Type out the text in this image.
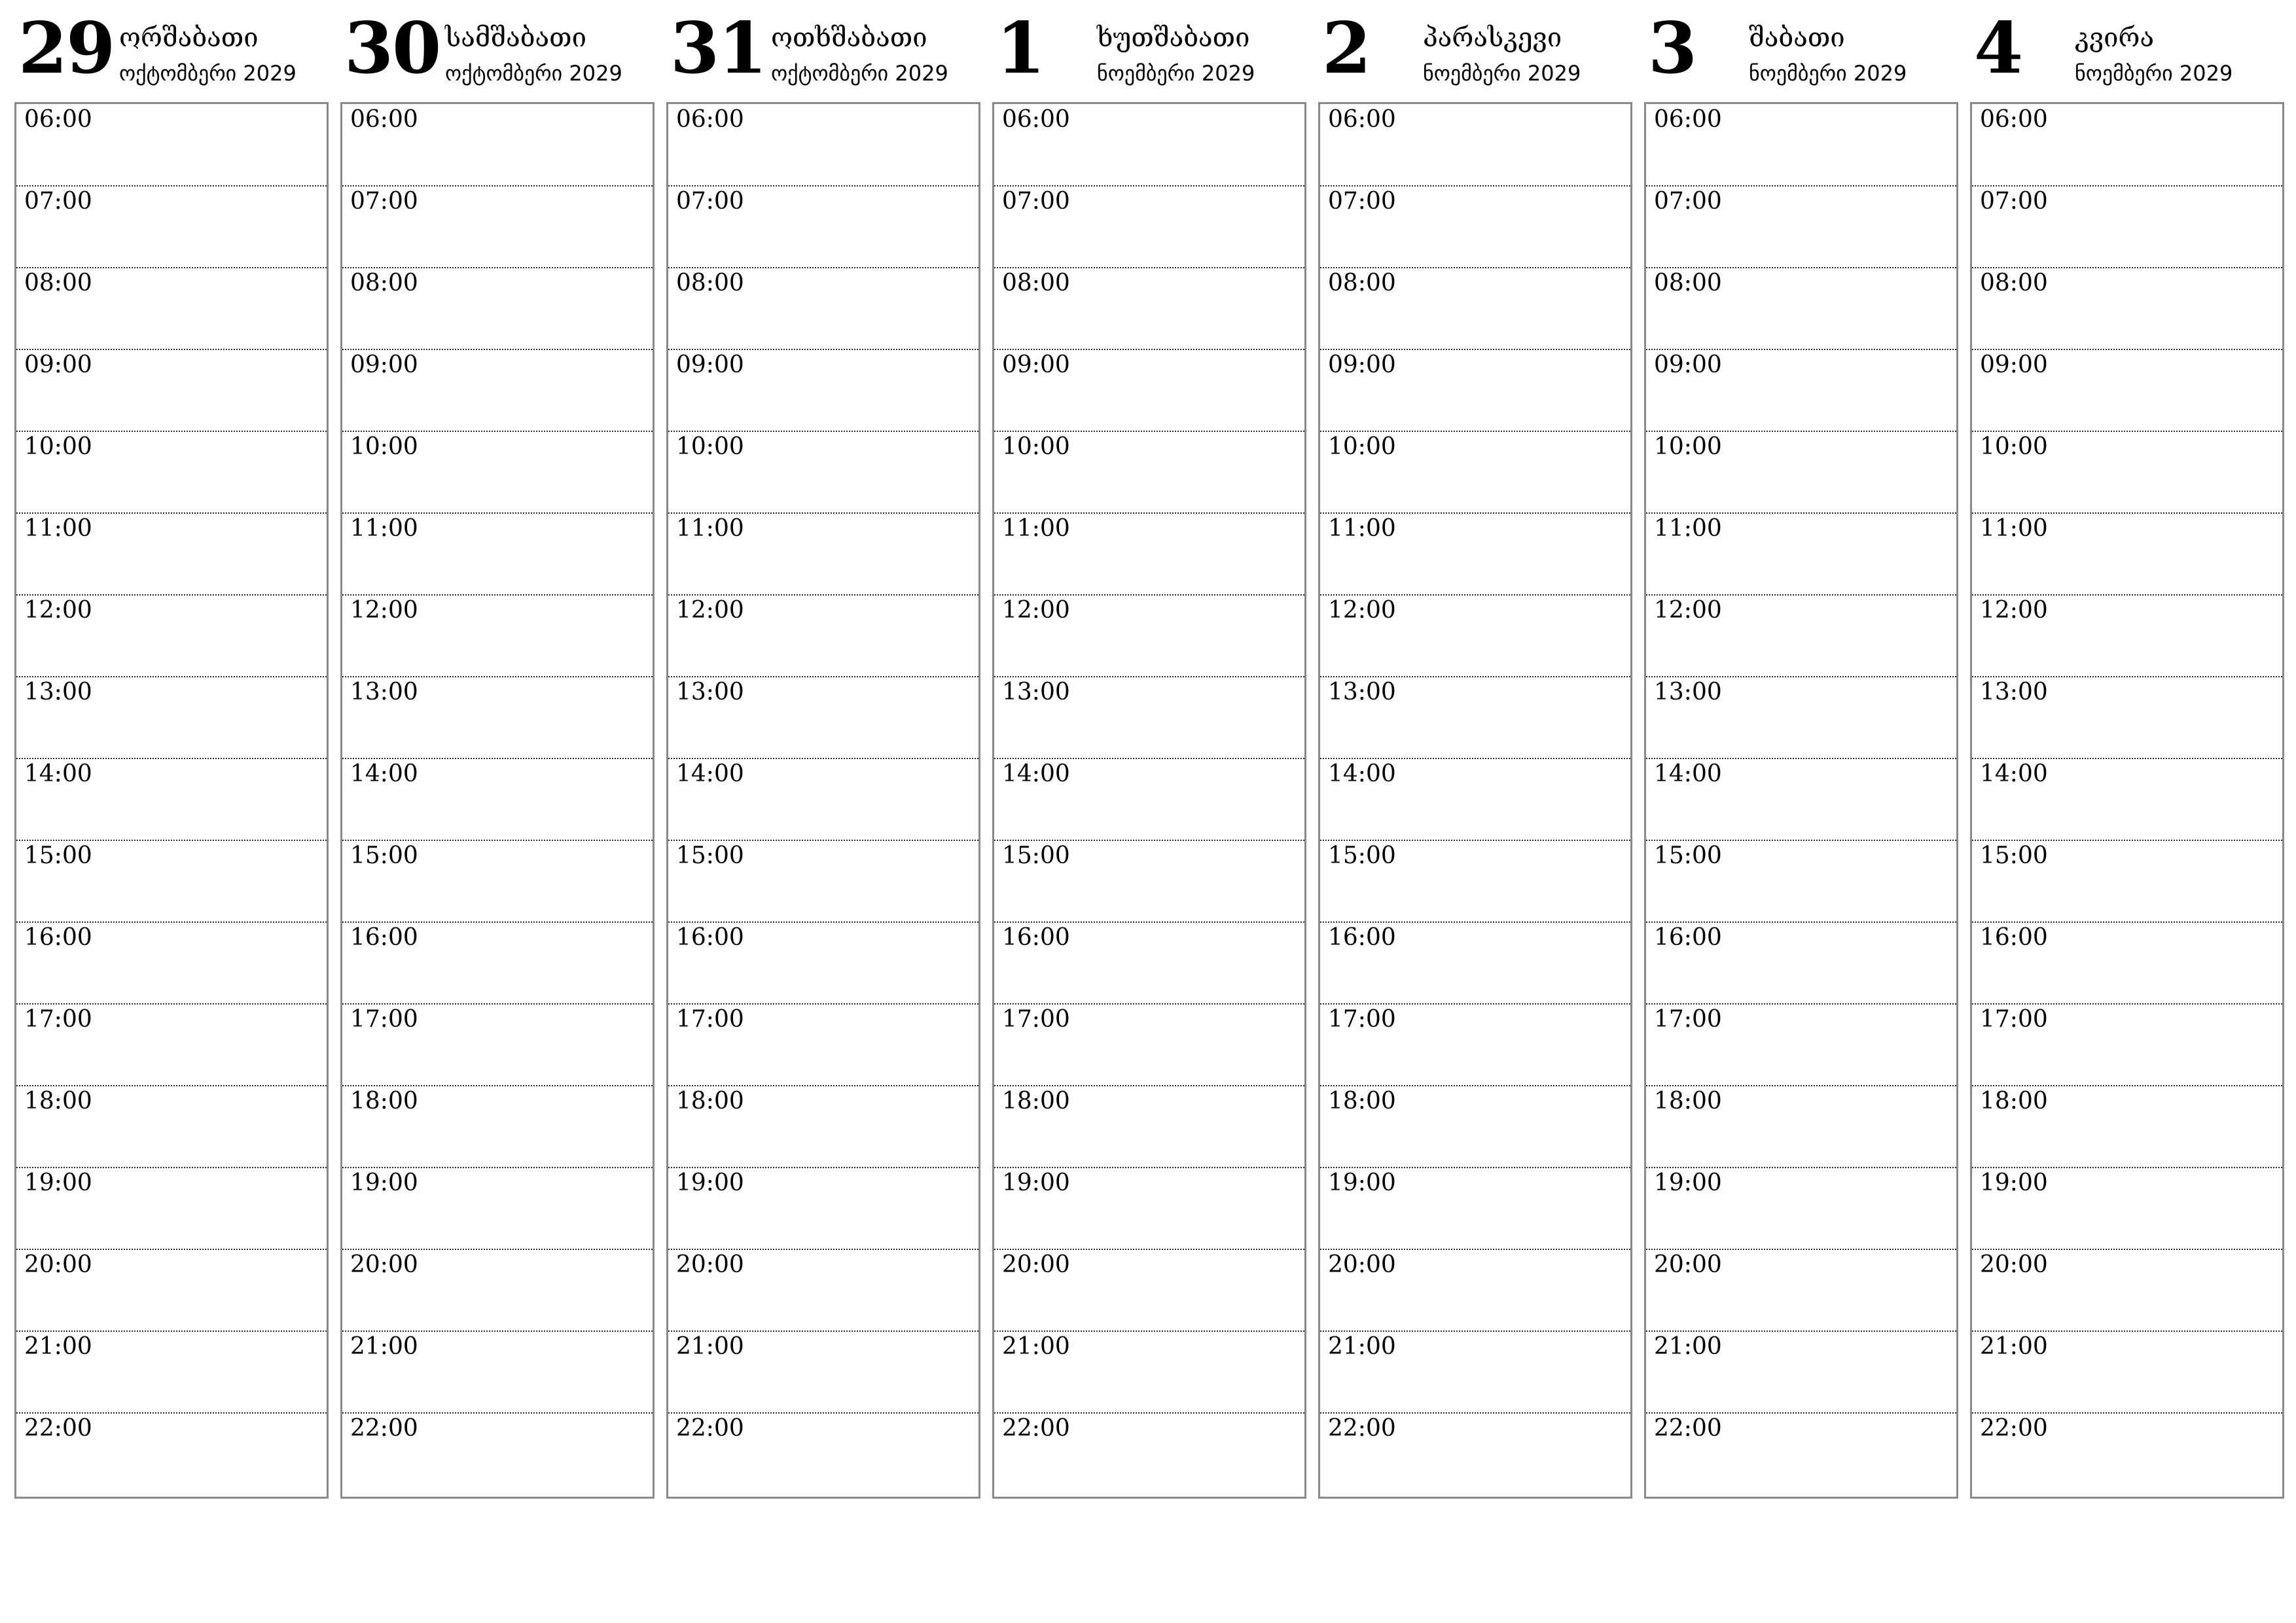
29 ორშაბათი
ოქტომბერი 2029
06:00
07:00
08:00
09:00
10:00
11:00
12:00
13:00
14:00
15:00
16:00
17:00
18:00
19:00
20:00
21:00
22:00
30 სამშაბათი
ოქტომბერი 2029
06:00
07:00
08:00
09:00
10:00
11:00
12:00
13:00
14:00
15:00
16:00
17:00
18:00
19:00
20:00
21:00
22:00
31 ოთხშაბათი
ოქტომბერი 2029
06:00
07:00
08:00
09:00
10:00
11:00
12:00
13:00
14:00
15:00
16:00
17:00
18:00
19:00
20:00
21:00
22:00
1 ხუთშაბათი
ნოემბერი 2029
06:00
07:00
08:00
09:00
10:00
11:00
12:00
13:00
14:00
15:00
16:00
17:00
18:00
19:00
20:00
21:00
22:00
2 პარასკევი
ნოემბერი 2029
06:00
07:00
08:00
09:00
10:00
11:00
12:00
13:00
14:00
15:00
16:00
17:00
18:00
19:00
20:00
21:00
22:00
3 შაბათი
ნოემბერი 2029
06:00
07:00
08:00
09:00
10:00
11:00
12:00
13:00
14:00
15:00
16:00
17:00
18:00
19:00
20:00
21:00
22:00
4 კვირა
ნოემბერი 2029
06:00
07:00
08:00
09:00
10:00
11:00
12:00
13:00
14:00
15:00
16:00
17:00
18:00
19:00
20:00
21:00
22:00
